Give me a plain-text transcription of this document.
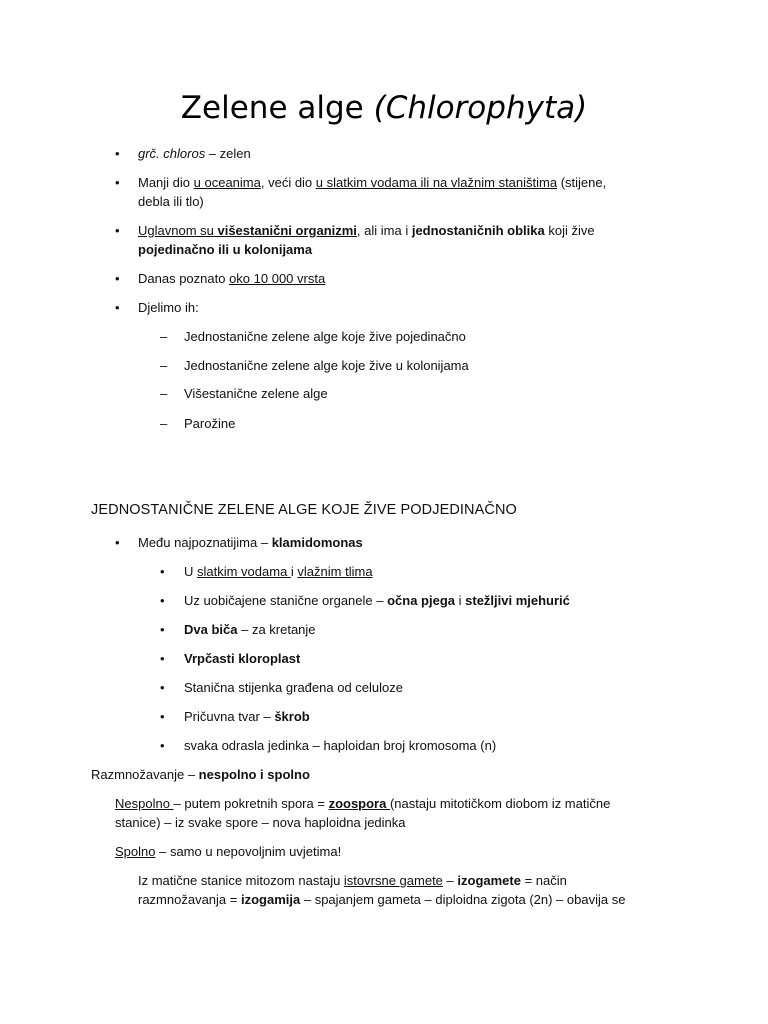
Zelene alge (Chlorophyta)
• grč. chloros – zelen
• Manji dio u oceanima, veći dio u slatkim vodama ili na vlažnim staništima (stijene,
debla ili tlo)
• Uglavnom su višestanični organizmi, ali ima i jednostaničnih oblika koji žive
pojedinačno ili u kolonijama
• Danas poznato oko 10 000 vrsta
• Djelimo ih:
– Jednostanične zelene alge koje žive pojedinačno
– Jednostanične zelene alge koje žive u kolonijama
– Višestanične zelene alge
– Parožine
JEDNOSTANIČNE ZELENE ALGE KOJE ŽIVE PODJEDINAČNO
• Među najpoznatijima – klamidomonas
• U slatkim vodama i vlažnim tlima
• Uz uobičajene stanične organele – očna pjega i stežljivi mjehurić
• Dva biča – za kretanje
• Vrpčasti kloroplast
• Stanična stijenka građena od celuloze
• Pričuvna tvar – škrob
• svaka odrasla jedinka – haploidan broj kromosoma (n)
Razmnožavanje – nespolno i spolno
Nespolno – putem pokretnih spora = zoospora (nastaju mitotičkom diobom iz matične
stanice) – iz svake spore – nova haploidna jedinka
Spolno – samo u nepovoljnim uvjetima!
Iz matične stanice mitozom nastaju istovrsne gamete – izogamete = način
razmnožavanja = izogamija – spajanjem gameta – diploidna zigota (2n) – obavija se
